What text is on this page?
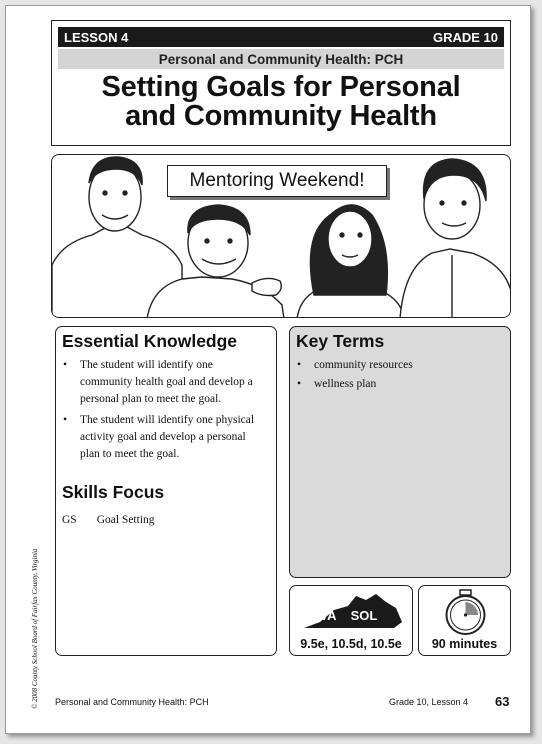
LESSON 4	GRADE 10
Personal and Community Health: PCH
Setting Goals for Personal
and Community Health
Mentoring Weekend!
Essential Knowledge
• The student will identify one community health goal and develop a personal plan to meet the goal.
• The student will identify one physical activity goal and develop a personal plan to meet the goal.
Skills Focus
GS Goal Setting
Key Terms
• community resources
• wellness plan
VA SOL
9.5e, 10.5d, 10.5e	90 minutes
Personal and Community Health: PCH	Grade 10, Lesson 4 63
© 2008 County School Board of Fairfax County, Virginia
